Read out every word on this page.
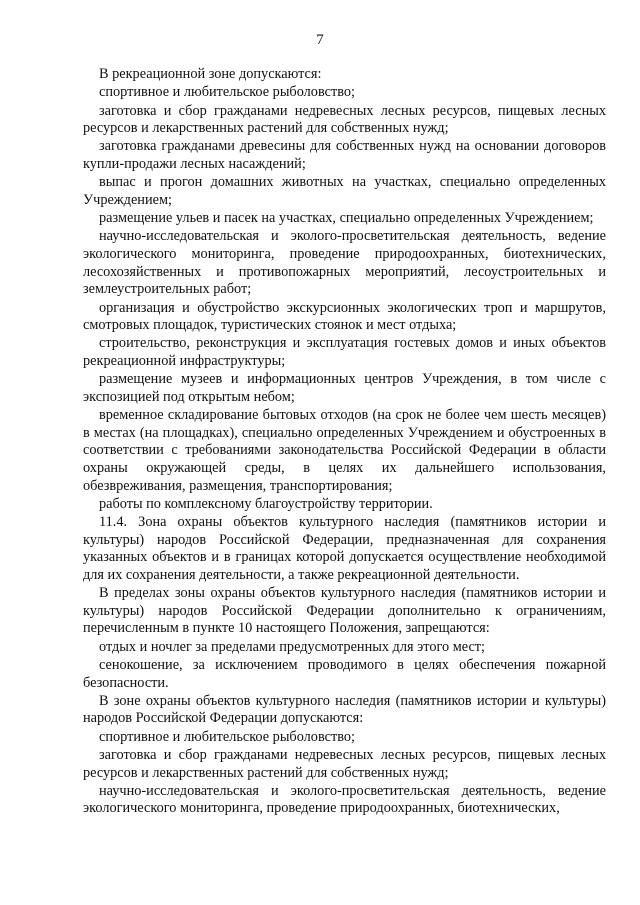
7

В рекреационной зоне допускаются:

спортивное и любительское рыболовство;

заготовка и сбор гражданами недревесных лесных ресурсов, пищевых лесных ресурсов и лекарственных растений для собственных нужд;

заготовка гражданами древесины для собственных нужд на основании договоров купли-продажи лесных насаждений;

выпас и прогон домашних животных на участках, специально определенных Учреждением;

размещение ульев и пасек на участках, специально определенных Учреждением;

научно-исследовательская и эколого-просветительская деятельность, ведение экологического мониторинга, проведение природоохранных, биотехнических, лесохозяйственных и противопожарных мероприятий, лесоустроительных и землеустроительных работ;

организация и обустройство экскурсионных экологических троп и маршрутов, смотровых площадок, туристических стоянок и мест отдыха;

строительство, реконструкция и эксплуатация гостевых домов и иных объектов рекреационной инфраструктуры;

размещение музеев и информационных центров Учреждения, в том числе с экспозицией под открытым небом;

временное складирование бытовых отходов (на срок не более чем шесть месяцев) в местах (на площадках), специально определенных Учреждением и обустроенных в соответствии с требованиями законодательства Российской Федерации в области охраны окружающей среды, в целях их дальнейшего использования, обезвреживания, размещения, транспортирования;

работы по комплексному благоустройству территории.

11.4. Зона охраны объектов культурного наследия (памятников истории и культуры) народов Российской Федерации, предназначенная для сохранения указанных объектов и в границах которой допускается осуществление необходимой для их сохранения деятельности, а также рекреационной деятельности.

В пределах зоны охраны объектов культурного наследия (памятников истории и культуры) народов Российской Федерации дополнительно к ограничениям, перечисленным в пункте 10 настоящего Положения, запрещаются:

отдых и ночлег за пределами предусмотренных для этого мест;

сенокошение, за исключением проводимого в целях обеспечения пожарной безопасности.

В зоне охраны объектов культурного наследия (памятников истории и культуры) народов Российской Федерации допускаются:

спортивное и любительское рыболовство;

заготовка и сбор гражданами недревесных лесных ресурсов, пищевых лесных ресурсов и лекарственных растений для собственных нужд;

научно-исследовательская и эколого-просветительская деятельность, ведение экологического мониторинга, проведение природоохранных, биотехнических,
